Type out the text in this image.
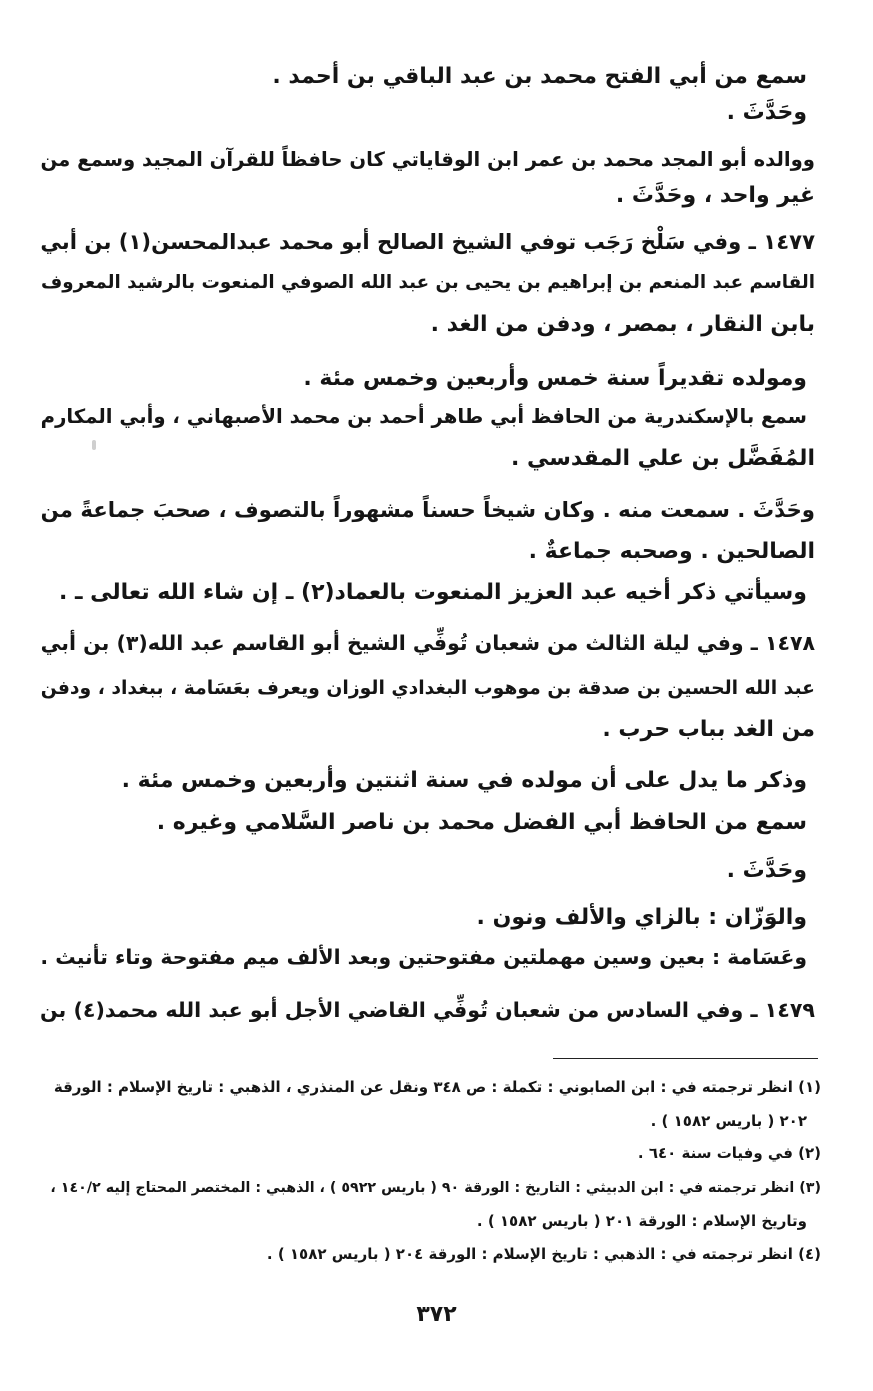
سمع من أبي الفتح محمد بن عبد الباقي بن أحمد .
وحَدَّثَ .
ووالده أبو المجد محمد بن عمر ابن الوقاياتي كان حافظاً للقرآن المجيد وسمع من
غير واحد ، وحَدَّثَ .
١٤٧٧ ـ وفي سَلْخ رَجَب توفي الشيخ الصالح أبو محمد عبدالمحسن(١) بن أبي
القاسم عبد المنعم بن إبراهيم بن يحيى بن عبد الله الصوفي المنعوت بالرشيد المعروف
بابن النقار ، بمصر ، ودفن من الغد .
ومولده تقديراً سنة خمس وأربعين وخمس مئة .
سمع بالإسكندرية من الحافظ أبي طاهر أحمد بن محمد الأصبهاني ، وأبي المكارم
المُفَضَّل بن علي المقدسي .
وحَدَّثَ . سمعت منه . وكان شيخاً حسناً مشهوراً بالتصوف ، صحبَ جماعةً من
الصالحين . وصحبه جماعةٌ .
وسيأتي ذكر أخيه عبد العزيز المنعوت بالعماد(٢) ـ إن شاء الله تعالى ـ .
١٤٧٨ ـ وفي ليلة الثالث من شعبان تُوفِّي الشيخ أبو القاسم عبد الله(٣) بن أبي
عبد الله الحسين بن صدقة بن موهوب البغدادي الوزان ويعرف بعَسَامة ، ببغداد ، ودفن
من الغد بباب حرب .
وذكر ما يدل على أن مولده في سنة اثنتين وأربعين وخمس مئة .
سمع من الحافظ أبي الفضل محمد بن ناصر السَّلامي وغيره .
وحَدَّثَ .
والوَزّان : بالزاي والألف ونون .
وعَسَامة : بعين وسين مهملتين مفتوحتين وبعد الألف ميم مفتوحة وتاء تأنيث .
١٤٧٩ ـ وفي السادس من شعبان تُوفِّي القاضي الأجل أبو عبد الله محمد(٤) بن
(١) انظر ترجمته في : ابن الصابوني : تكملة : ص ٣٤٨ ونقل عن المنذري ، الذهبي : تاريخ الإسلام : الورقة
٢٠٢ ( باريس ١٥٨٢ ) .
(٢) في وفيات سنة ٦٤٠ .
(٣) انظر ترجمته في : ابن الدبيثي : التاريخ : الورقة ٩٠ ( باريس ٥٩٢٢ ) ، الذهبي : المختصر المحتاج إليه ١٤٠/٢ ،
وتاريخ الإسلام : الورقة ٢٠١ ( باريس ١٥٨٢ ) .
(٤) انظر ترجمته في : الذهبي : تاريخ الإسلام : الورقة ٢٠٤ ( باريس ١٥٨٢ ) .
٣٧٢
